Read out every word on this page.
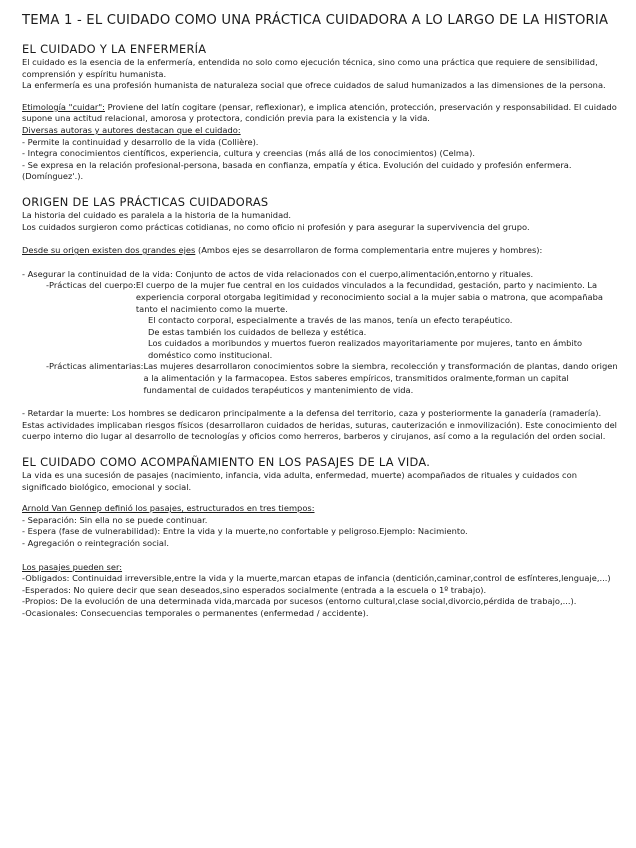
TEMA 1 - EL CUIDADO COMO UNA PRÁCTICA CUIDADORA A LO LARGO DE LA HISTORIA
EL CUIDADO Y LA ENFERMERÍA

El cuidado es la esencia de la enfermería, entendida no solo como ejecución técnica, sino como una práctica que requiere de sensibilidad, comprensión y espíritu humanista.

La enfermería es una profesión humanista de naturaleza social que ofrece cuidados de salud humanizados a las dimensiones de la persona.

Etimología "cuidar": Proviene del latín cogitare (pensar, reflexionar), e implica atención, protección, preservación y responsabilidad. El cuidado supone una actitud relacional, amorosa y protectora, condición previa para la existencia y la vida.

Diversas autoras y autores destacan que el cuidado:

- Permite la continuidad y desarrollo de la vida (Collière).

- Integra conocimientos científicos, experiencia, cultura y creencias (más allá de los conocimientos) (Celma).

- Se expresa en la relación profesional-persona, basada en confianza, empatía y ética. Evolución del cuidado y profesión enfermera. (Domínguez'.).

ORIGEN DE LAS PRÁCTICAS CUIDADORAS

La historia del cuidado es paralela a la historia de la humanidad.

Los cuidados surgieron como prácticas cotidianas, no como oficio ni profesión y para asegurar la supervivencia del grupo.

Desde su origen existen dos grandes ejes (Ambos ejes se desarrollaron de forma complementaria entre mujeres y hombres):

- Asegurar la continuidad de la vida: Conjunto de actos de vida relacionados con el cuerpo,alimentación,entorno y rituales.

-Prácticas del cuerpo: El cuerpo de la mujer fue central en los cuidados vinculados a la fecundidad, gestación, parto y nacimiento. La experiencia corporal otorgaba legitimidad y reconocimiento social a la mujer sabia o matrona, que acompañaba tanto el nacimiento como la muerte.

El contacto corporal, especialmente a través de las manos, tenía un efecto terapéutico.

De estas también los cuidados de belleza y estética.

Los cuidados a moribundos y muertos fueron realizados mayoritariamente por mujeres, tanto en ámbito doméstico como institucional.

-Prácticas alimentarias: Las mujeres desarrollaron conocimientos sobre la siembra, recolección y transformación de plantas, dando origen a la alimentación y la farmacopea. Estos saberes empíricos, transmitidos oralmente,forman un capital fundamental de cuidados terapéuticos y mantenimiento de vida.

- Retardar la muerte: Los hombres se dedicaron principalmente a la defensa del territorio, caza y posteriormente la ganadería (ramadería). Estas actividades implicaban riesgos físicos (desarrollaron cuidados de heridas, suturas, cauterización e inmovilización). Este conocimiento del cuerpo interno dio lugar al desarrollo de tecnologías y oficios como herreros, barberos y cirujanos, así como a la regulación del orden social.

EL CUIDADO COMO ACOMPAÑAMIENTO EN LOS PASAJES DE LA VIDA.

La vida es una sucesión de pasajes (nacimiento, infancia, vida adulta, enfermedad, muerte) acompañados de rituales y cuidados con significado biológico, emocional y social.

Arnold Van Gennep definió los pasajes, estructurados en tres tiempos:

- Separación: Sin ella no se puede continuar.

- Espera (fase de vulnerabilidad): Entre la vida y la muerte,no confortable y peligroso.Ejemplo: Nacimiento.

- Agregación o reintegración social.

Los pasajes pueden ser:

-Obligados: Continuidad irreversible,entre la vida y la muerte,marcan etapas de infancia (dentición,caminar,control de esfínteres,lenguaje,...)

-Esperados: No quiere decir que sean deseados,sino esperados socialmente (entrada a la escuela o 1º trabajo).

-Propios: De la evolución de una determinada vida,marcada por sucesos (entorno cultural,clase social,divorcio,pérdida de trabajo,...).

-Ocasionales: Consecuencias temporales o permanentes (enfermedad / accidente).
